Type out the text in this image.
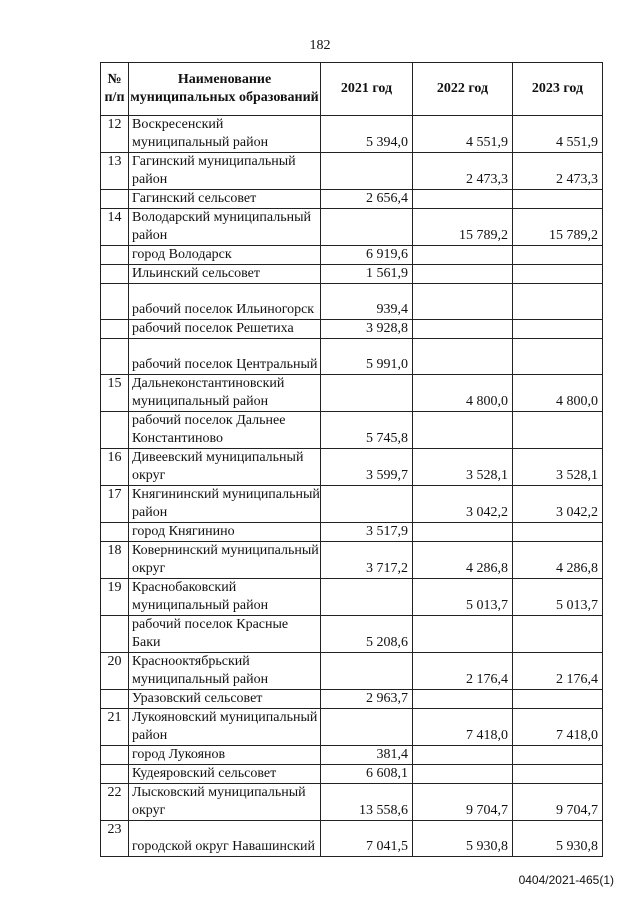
182
№ п/п	Наименование муниципальных образований	2021 год	2022 год	2023 год
12	Воскресенский муниципальный район	5 394,0	4 551,9	4 551,9
13	Гагинский муниципальный район		2 473,3	2 473,3
	Гагинский сельсовет	2 656,4		
14	Володарский муниципальный район		15 789,2	15 789,2
	город Володарск	6 919,6		
	Ильинский сельсовет	1 561,9		
	рабочий поселок Ильиногорск	939,4		
	рабочий поселок Решетиха	3 928,8		
	рабочий поселок Центральный	5 991,0		
15	Дальнеконстантиновский муниципальный район		4 800,0	4 800,0
	рабочий поселок Дальнее Константиново	5 745,8		
16	Дивеевский муниципальный округ	3 599,7	3 528,1	3 528,1
17	Княгининский муниципальный район		3 042,2	3 042,2
	город Княгинино	3 517,9		
18	Ковернинский муниципальный округ	3 717,2	4 286,8	4 286,8
19	Краснобаковский муниципальный район		5 013,7	5 013,7
	рабочий поселок Красные Баки	5 208,6		
20	Краснооктябрьский муниципальный район		2 176,4	2 176,4
	Уразовский сельсовет	2 963,7		
21	Лукояновский муниципальный район		7 418,0	7 418,0
	город Лукоянов	381,4		
	Кудеяровский сельсовет	6 608,1		
22	Лысковский муниципальный округ	13 558,6	9 704,7	9 704,7
23	городской округ Навашинский	7 041,5	5 930,8	5 930,8
0404/2021-465(1)
